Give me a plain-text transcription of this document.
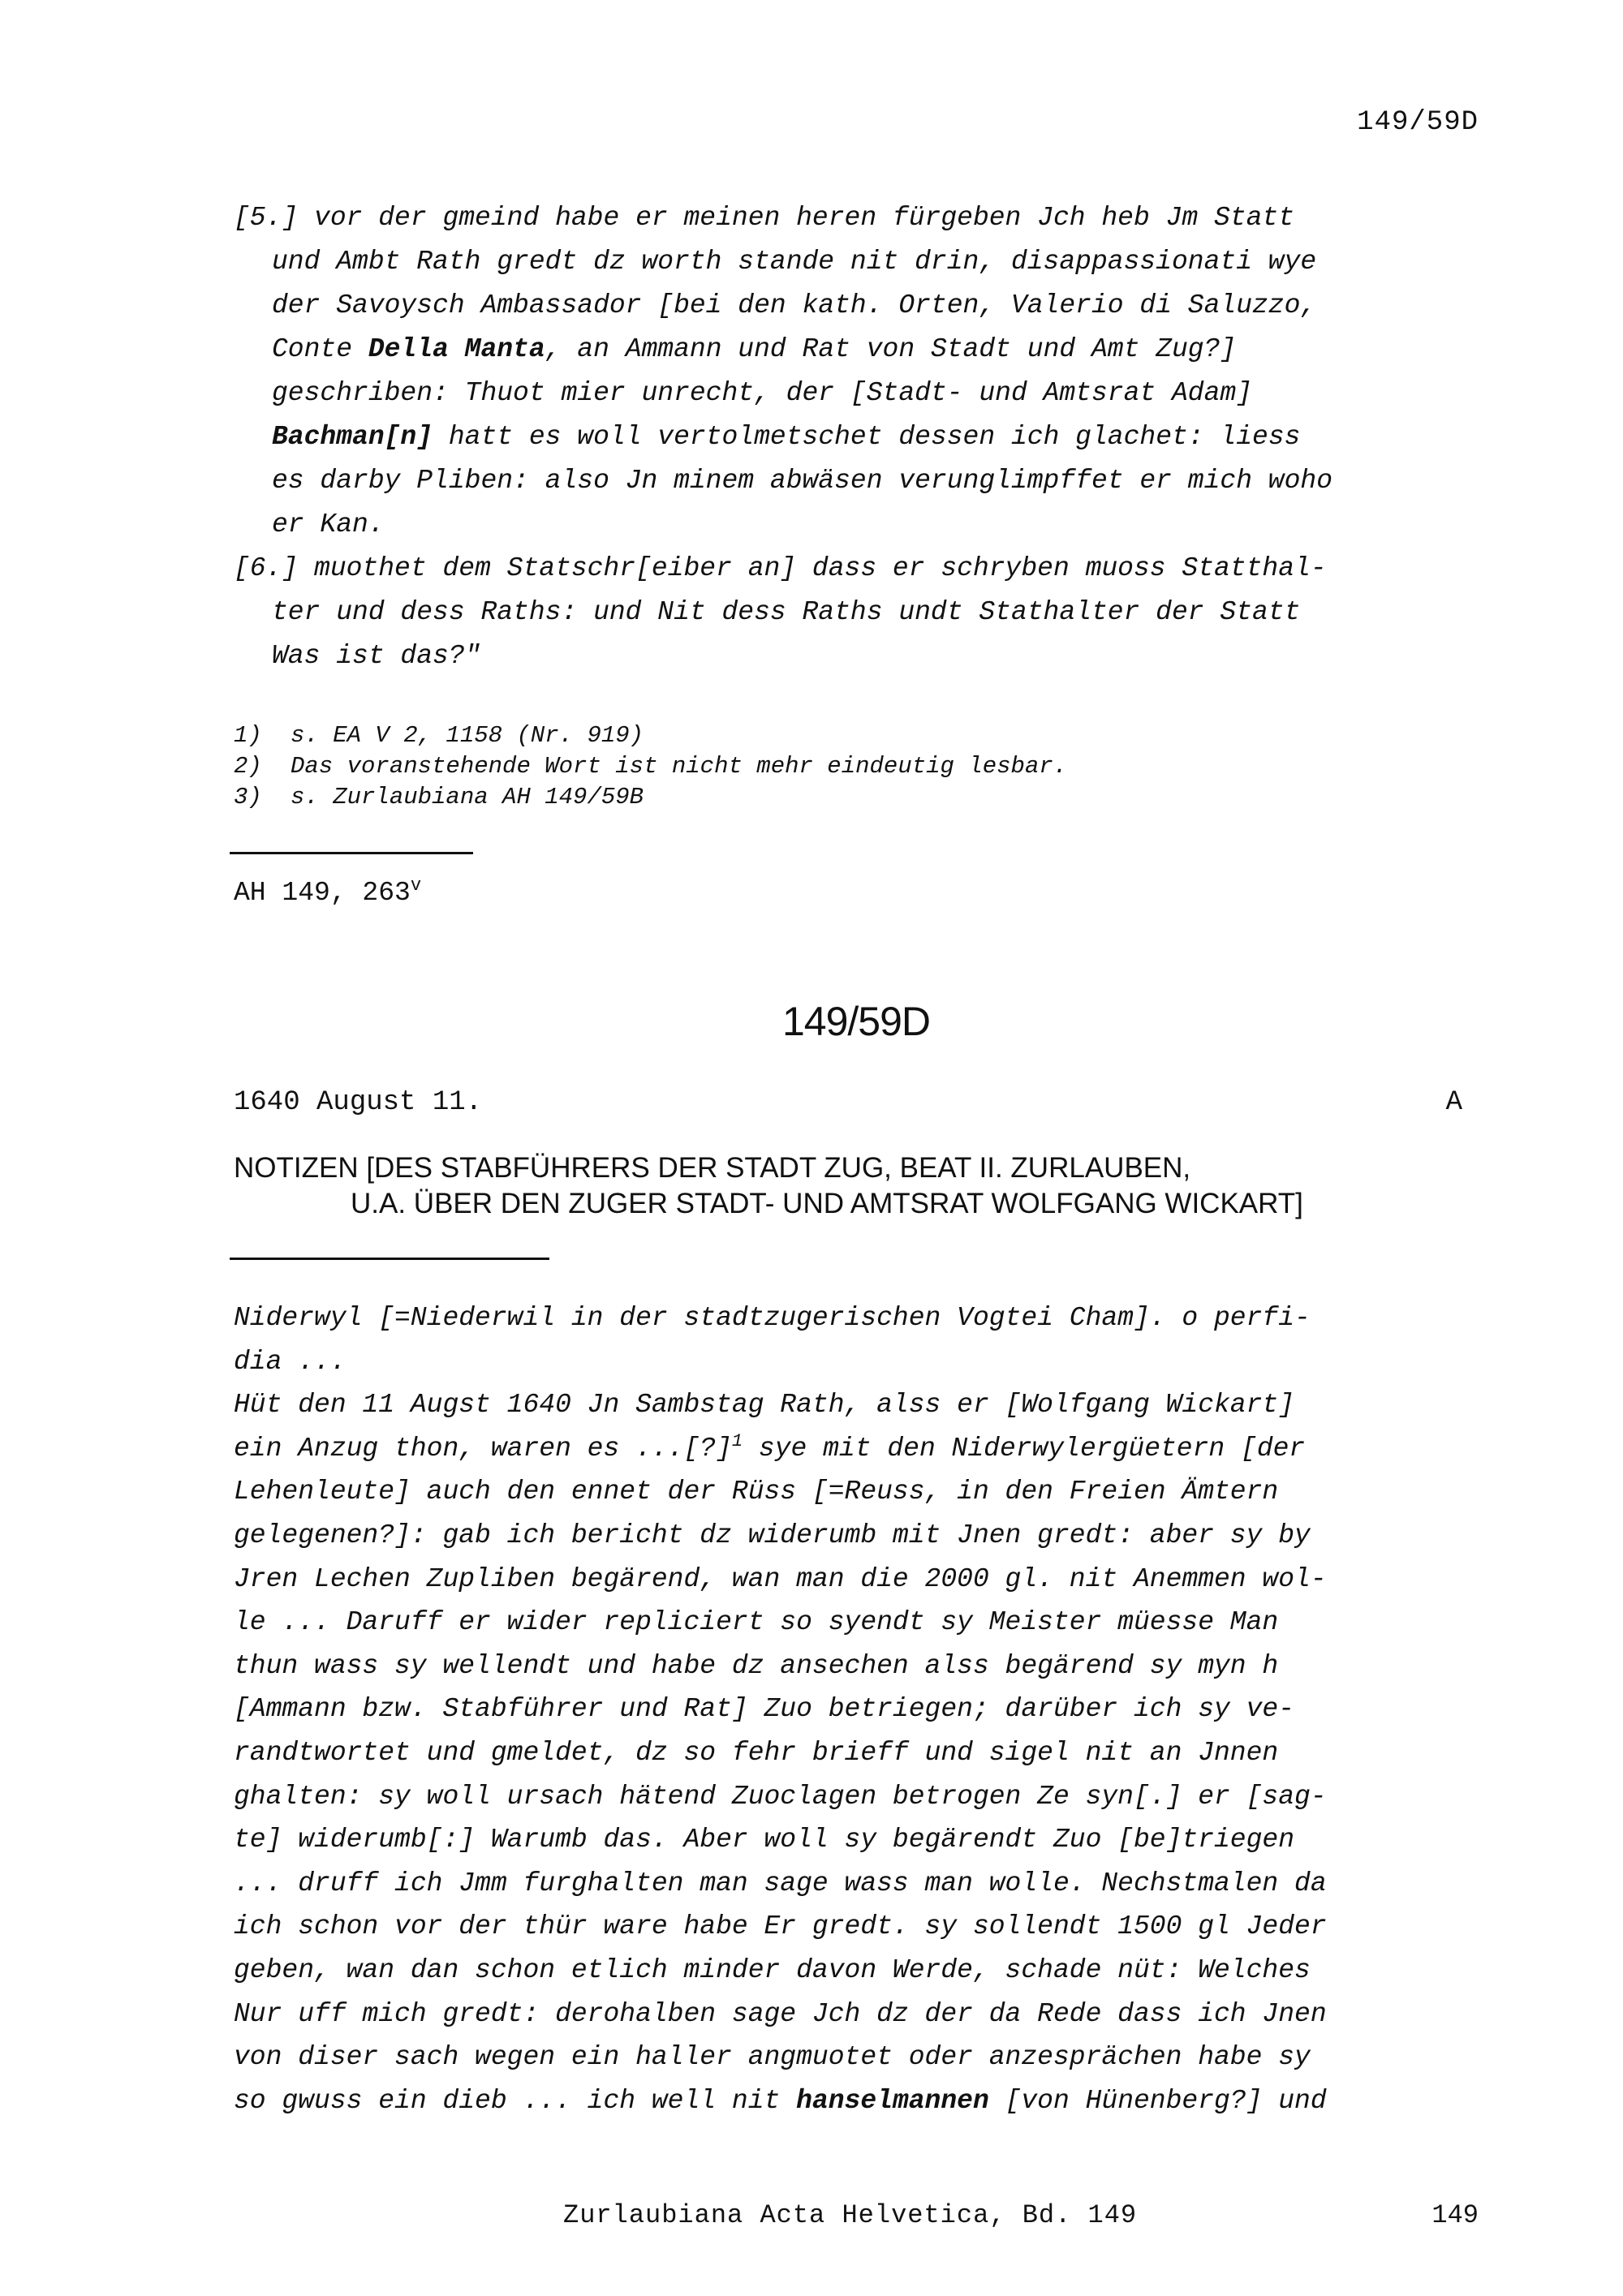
149/59D
[5.] vor der gmeind habe er meinen heren fürgeben Jch heb Jm Statt
und Ambt Rath gredt dz worth stande nit drin, disappassionati wye
der Savoysch Ambassador [bei den kath. Orten, Valerio di Saluzzo,
Conte Della Manta, an Ammann und Rat von Stadt und Amt Zug?]
geschriben: Thuot mier unrecht, der [Stadt- und Amtsrat Adam]
Bachman[n] hatt es woll vertolmetschet dessen ich glachet: liess
es darby Pliben: also Jn minem abwäsen verunglimpffet er mich woho
er Kan.
[6.] muothet dem Statschr[eiber an] dass er schryben muoss Statthal-
ter und dess Raths: und Nit dess Raths undt Stathalter der Statt
Was ist das?"
1) s. EA V 2, 1158 (Nr. 919)
2) Das voranstehende Wort ist nicht mehr eindeutig lesbar.
3) s. Zurlaubiana AH 149/59B
AH 149, 263$^v$
149/59D
1640 August 11.	A
NOTIZEN [DES STABFÜHRERS DER STADT ZUG, BEAT II. ZURLAUBEN,
U.A. ÜBER DEN ZUGER STADT- UND AMTSRAT WOLFGANG WICKART]
Niderwyl [=Niederwil in der stadtzugerischen Vogtei Cham]. o perfi-
dia ...
Hüt den 11 Augst 1640 Jn Sambstag Rath, alss er [Wolfgang Wickart]
ein Anzug thon, waren es ...[?]$^1$ sye mit den Niderwylergüetern [der
Lehenleute] auch den ennet der Rüss [=Reuss, in den Freien Ämtern
gelegenen?]: gab ich bericht dz widerumb mit Jnen gredt: aber sy by
Jren Lechen Zupliben begärend, wan man die 2000 gl. nit Anemmen wol-
le ... Daruff er wider repliciert so syendt sy Meister müesse Man
thun wass sy wellendt und habe dz ansechen alss begärend sy myn h
[Ammann bzw. Stabführer und Rat] Zuo betriegen; darüber ich sy ve-
randtwortet und gmeldet, dz so fehr brieff und sigel nit an Jnnen
ghalten: sy woll ursach hätend Zuoclagen betrogen Ze syn[.] er [sag-
te] widerumb[:] Warumb das. Aber woll sy begärendt Zuo [be]triegen
... druff ich Jmm furghalten man sage wass man wolle. Nechstmalen da
ich schon vor der thür ware habe Er gredt. sy sollendt 1500 gl Jeder
geben, wan dan schon etlich minder davon Werde, schade nüt: Welches
Nur uff mich gredt: derohalben sage Jch dz der da Rede dass ich Jnen
von diser sach wegen ein haller angmuotet oder anzesprächen habe sy
so gwuss ein dieb ... ich well nit hanselmannen [von Hünenberg?] und
Zurlaubiana Acta Helvetica, Bd. 149	149
